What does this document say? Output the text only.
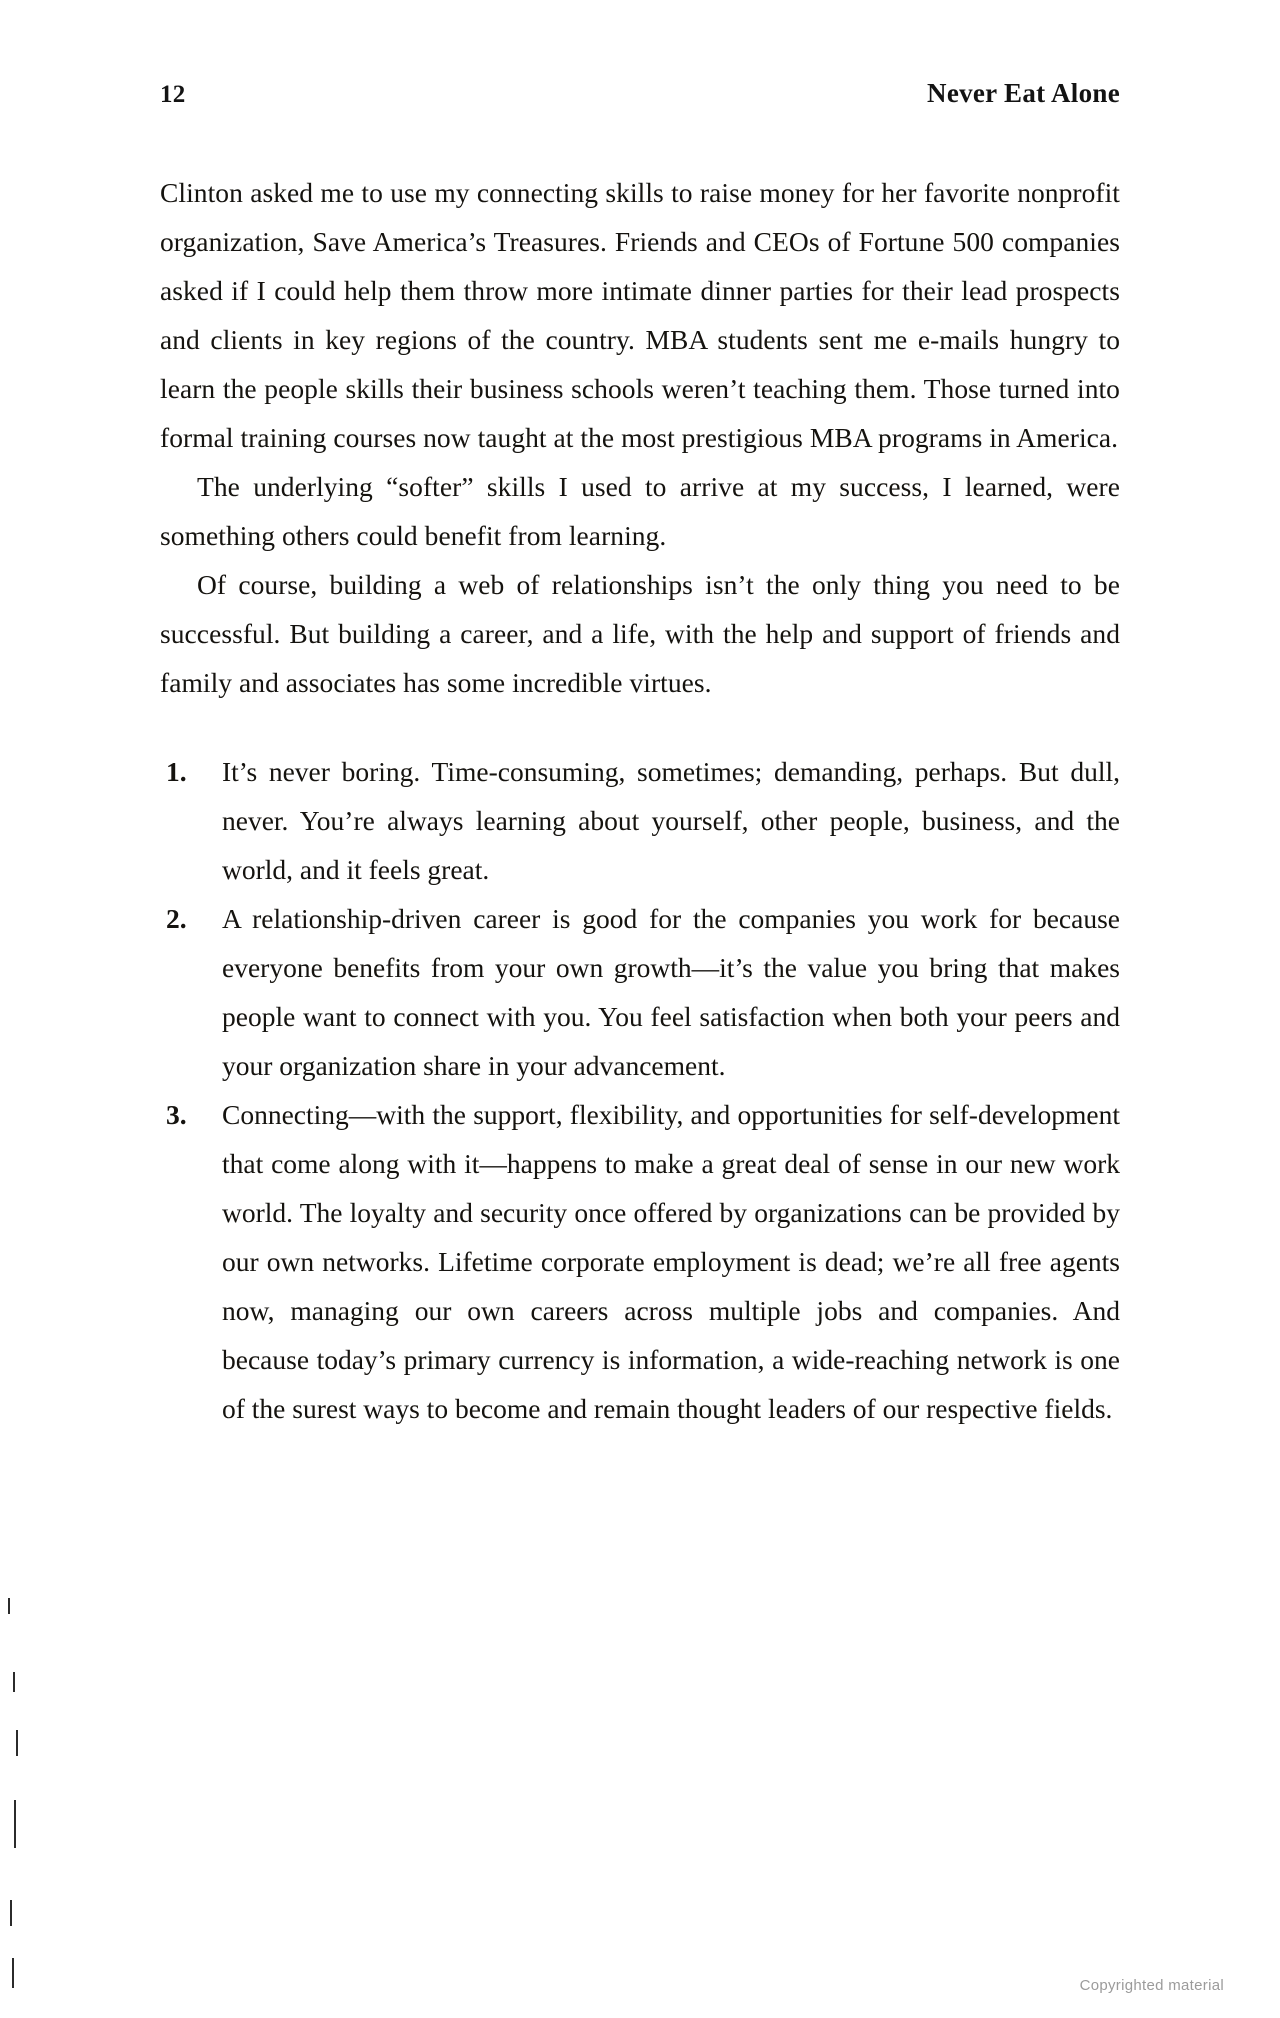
12	Never Eat Alone

Clinton asked me to use my connecting skills to raise money for her favorite nonprofit organization, Save America’s Treasures. Friends and CEOs of Fortune 500 companies asked if I could help them throw more intimate dinner parties for their lead prospects and clients in key regions of the country. MBA students sent me e-mails hungry to learn the people skills their business schools weren’t teaching them. Those turned into formal training courses now taught at the most prestigious MBA programs in America.

The underlying “softer” skills I used to arrive at my success, I learned, were something others could benefit from learning.

Of course, building a web of relationships isn’t the only thing you need to be successful. But building a career, and a life, with the help and support of friends and family and associates has some incredible virtues.

1.	It’s never boring. Time-consuming, sometimes; demanding, perhaps. But dull, never. You’re always learning about yourself, other people, business, and the world, and it feels great.
2.	A relationship-driven career is good for the companies you work for because everyone benefits from your own growth—it’s the value you bring that makes people want to connect with you. You feel satisfaction when both your peers and your organization share in your advancement.
3.	Connecting—with the support, flexibility, and opportunities for self-development that come along with it—happens to make a great deal of sense in our new work world. The loyalty and security once offered by organizations can be provided by our own networks. Lifetime corporate employment is dead; we’re all free agents now, managing our own careers across multiple jobs and companies. And because today’s primary currency is information, a wide-reaching network is one of the surest ways to become and remain thought leaders of our respective fields.
Copyrighted material
